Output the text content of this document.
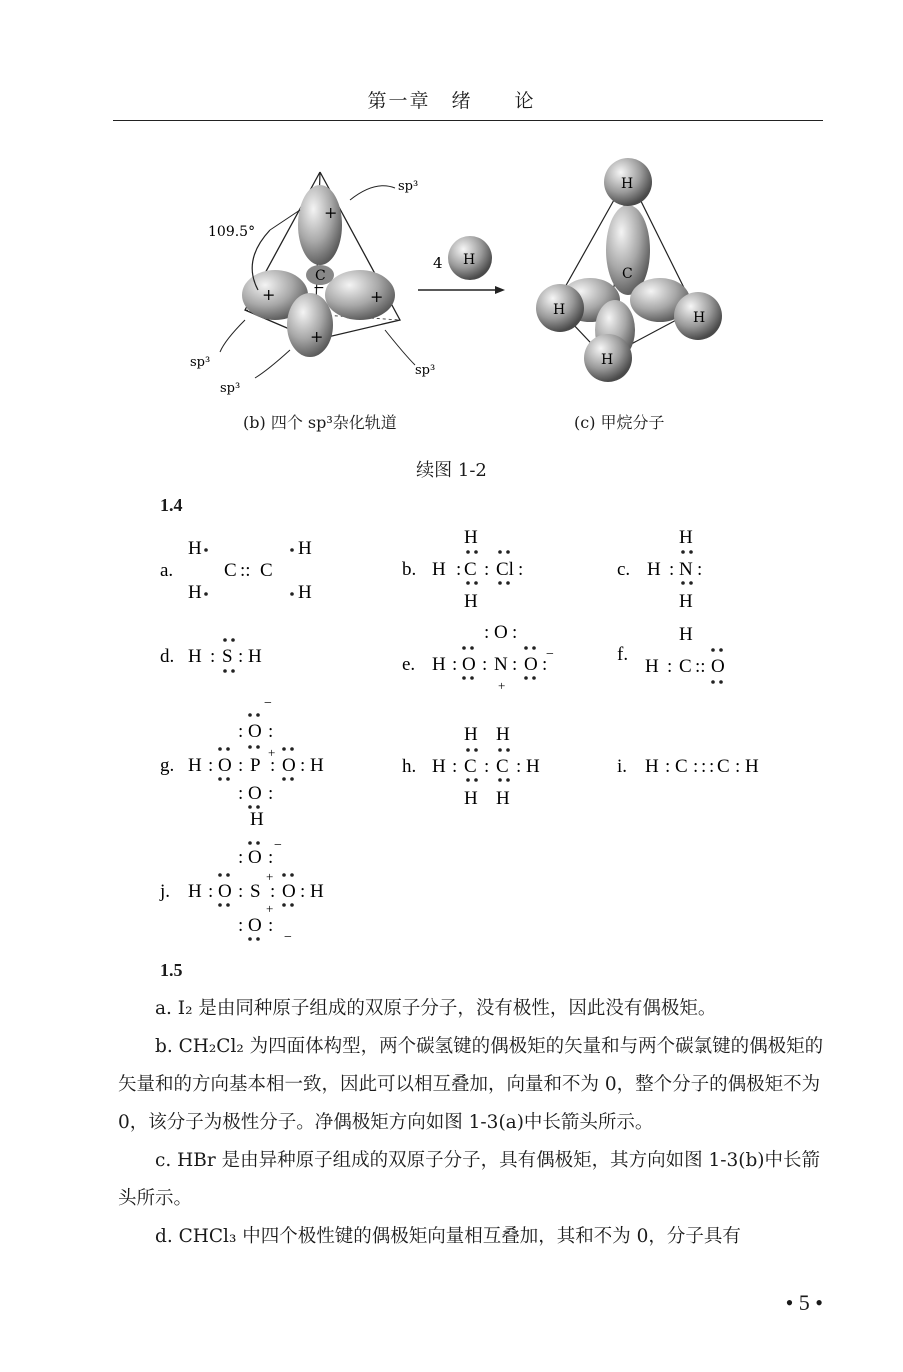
第一章　绪　　论
C
+
+	+
+
−
109.5°
sp³
sp³
sp³
sp³
4 H
H
H	H
H
C
(b) 四个 sp³杂化轨道	(c) 甲烷分子
续图 1-2
1.4
a.
H
H
C :: C
H
H
b. H :
H
C
H
: Cl :	c. H :
H
N
H
:
d. H : S : H	e. H : O : N
O
: :
: O :
−
+
f.
H
H : C :: O
g.
−
O
: :
H : O : P
+
: O : H
O
: :
H
h. H :
H
C
H
:
H
C
H
: H	i. H : C : : : C : H
j.
O
: :
−
H : O : S
+
+
: O : H
O
: :
−
1.5

a. I₂ 是由同种原子组成的双原子分子，没有极性，因此没有偶极矩。

b. CH₂Cl₂ 为四面体构型，两个碳氢键的偶极矩的矢量和与两个碳氯键的偶极矩的矢量和的方向基本相一致，因此可以相互叠加，向量和不为 0，整个分子的偶极矩不为 0，该分子为极性分子。净偶极矩方向如图 1-3(a)中长箭头所示。

c. HBr 是由异种原子组成的双原子分子，具有偶极矩，其方向如图 1-3(b)中长箭头所示。

d. CHCl₃ 中四个极性键的偶极矩向量相互叠加，其和不为 0，分子具有

• 5 •
